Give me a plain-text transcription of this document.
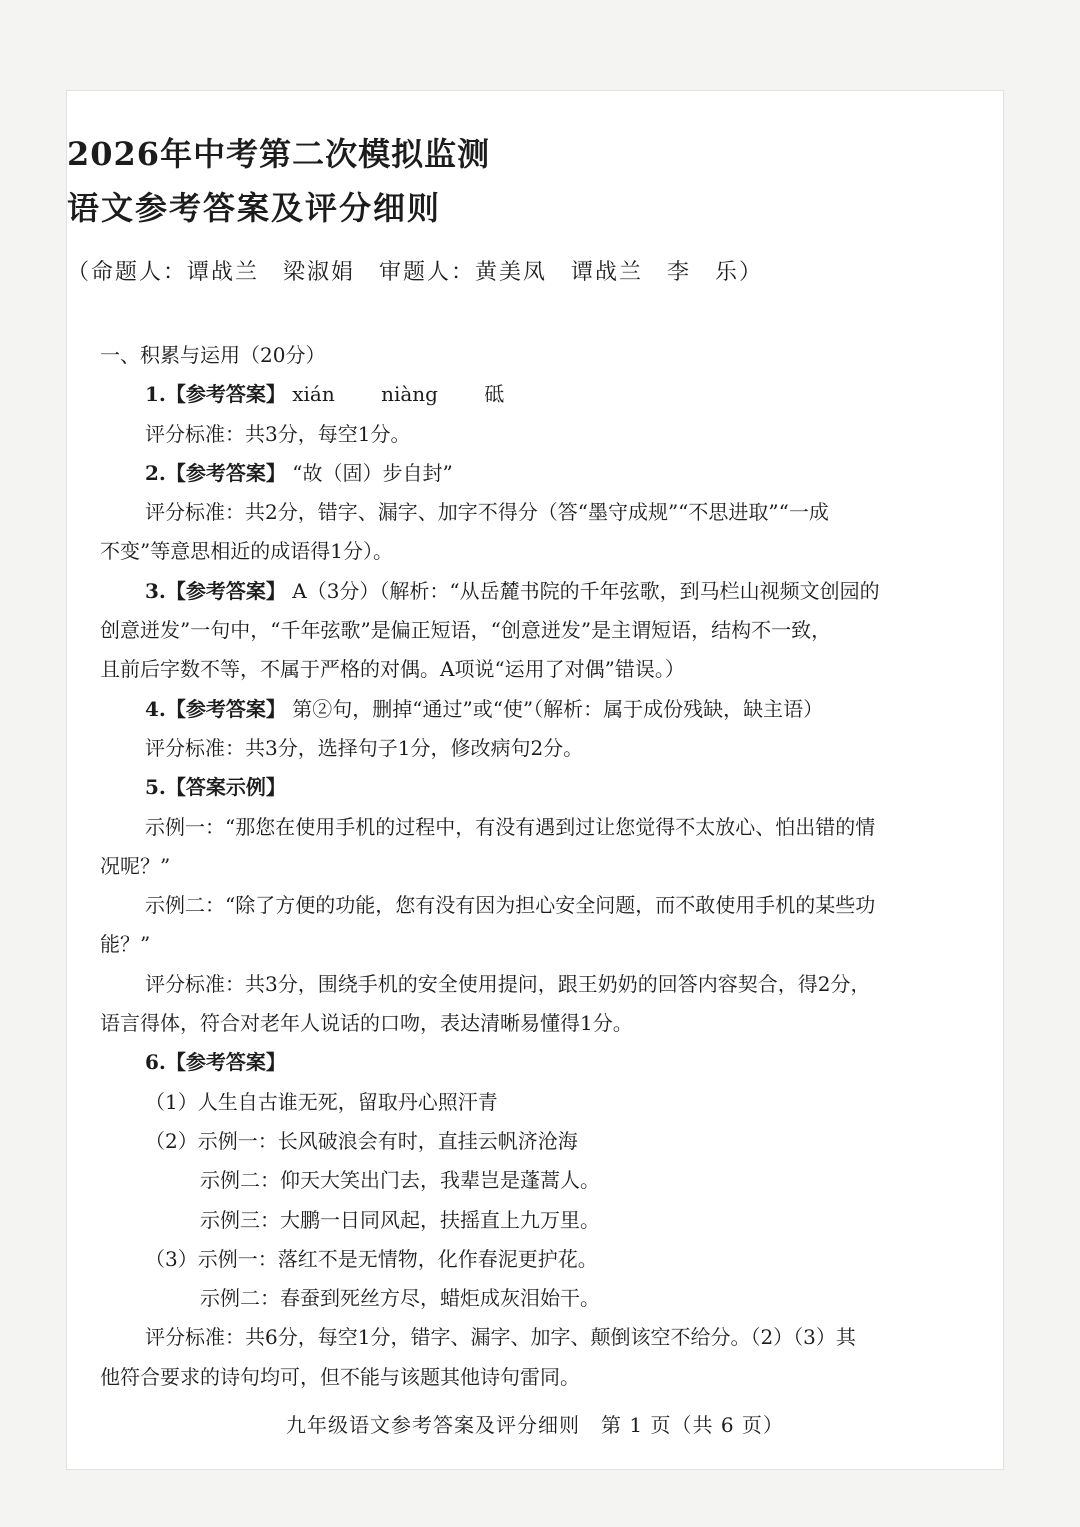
2026年中考第二次模拟监测
语文参考答案及评分细则
（命题人：谭战兰　梁淑娟　审题人：黄美凤　谭战兰　李　乐）
一、积累与运用（20分）
1.【参考答案】 xián niàng 砥
评分标准：共3分，每空1分。
2.【参考答案】 “故（固）步自封”
评分标准：共2分，错字、漏字、加字不得分（答“墨守成规”“不思进取”“一成
不变”等意思相近的成语得1分）。
3.【参考答案】 A（3分）（解析：“从岳麓书院的千年弦歌，到马栏山视频文创园的
创意迸发”一句中，“千年弦歌”是偏正短语，“创意迸发”是主谓短语，结构不一致，
且前后字数不等，不属于严格的对偶。A项说“运用了对偶”错误。）
4.【参考答案】 第②句，删掉“通过”或“使”（解析：属于成份残缺，缺主语）
评分标准：共3分，选择句子1分，修改病句2分。
5.【答案示例】
示例一：“那您在使用手机的过程中，有没有遇到过让您觉得不太放心、怕出错的情
况呢？”
示例二：“除了方便的功能，您有没有因为担心安全问题，而不敢使用手机的某些功
能？”
评分标准：共3分，围绕手机的安全使用提问，跟王奶奶的回答内容契合，得2分，
语言得体，符合对老年人说话的口吻，表达清晰易懂得1分。
6.【参考答案】
（1）人生自古谁无死，留取丹心照汗青
（2）示例一：长风破浪会有时，直挂云帆济沧海
示例二：仰天大笑出门去，我辈岂是蓬蒿人。
示例三：大鹏一日同风起，扶摇直上九万里。
（3）示例一：落红不是无情物，化作春泥更护花。
示例二：春蚕到死丝方尽，蜡炬成灰泪始干。
评分标准：共6分，每空1分，错字、漏字、加字、颠倒该空不给分。（2）（3）其
他符合要求的诗句均可，但不能与该题其他诗句雷同。
九年级语文参考答案及评分细则　第 1 页（共 6 页）
